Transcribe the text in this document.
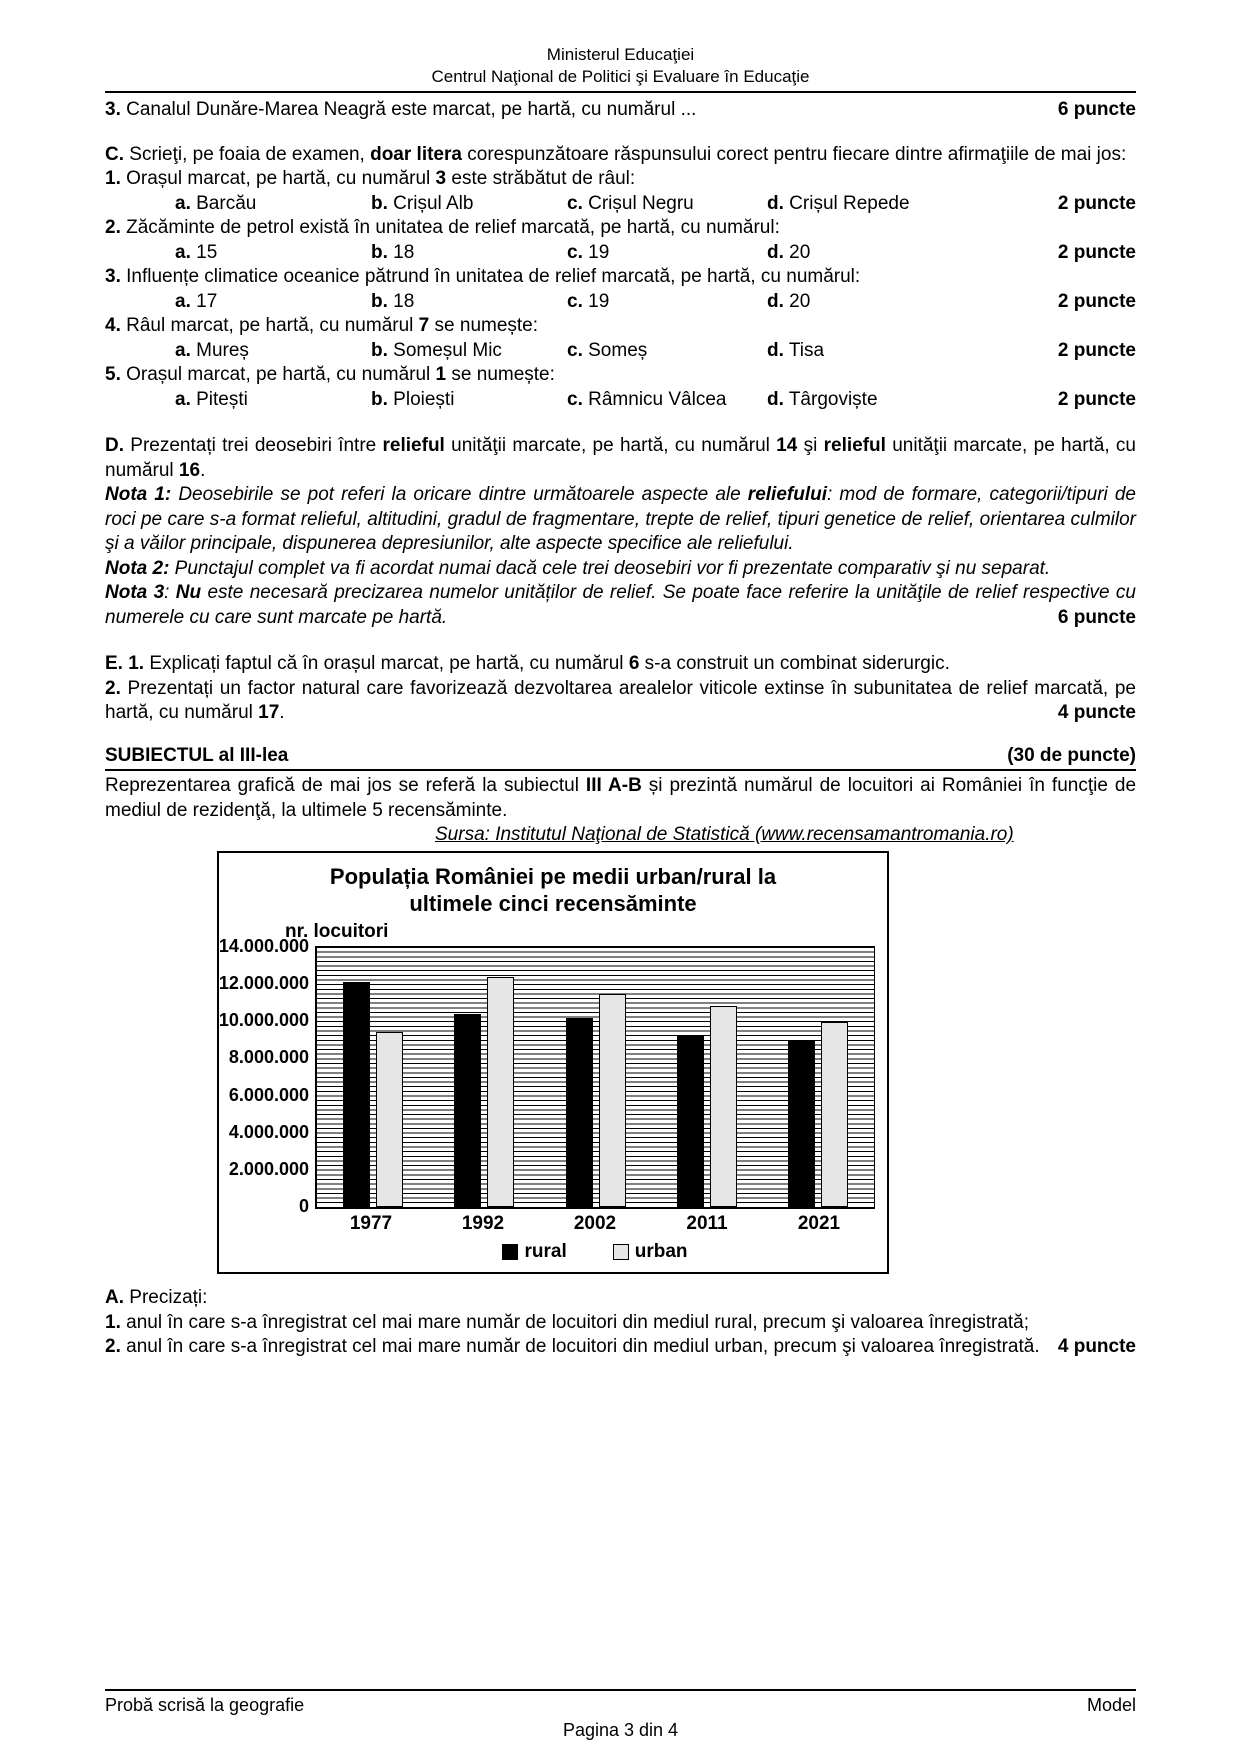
Ministerul Educaţiei
Centrul Naţional de Politici şi Evaluare în Educaţie
3. Canalul Dunăre-Marea Neagră este marcat, pe hartă, cu numărul ...	6 puncte

C. Scrieţi, pe foaia de examen, doar litera corespunzătoare răspunsului corect pentru fiecare dintre afirmaţiile de mai jos:

1. Orașul marcat, pe hartă, cu numărul 3 este străbătut de râul:

a. Barcău	b. Crișul Alb	c. Crișul Negru	d. Crișul Repede	2 puncte

2. Zăcăminte de petrol există în unitatea de relief marcată, pe hartă, cu numărul:

a. 15	b. 18	c. 19	d. 20	2 puncte

3. Influențe climatice oceanice pătrund în unitatea de relief marcată, pe hartă, cu numărul:

a. 17	b. 18	c. 19	d. 20	2 puncte

4. Râul marcat, pe hartă, cu numărul 7 se numește:

a. Mureș	b. Someșul Mic	c. Someș	d. Tisa	2 puncte

5. Orașul marcat, pe hartă, cu numărul 1 se numește:

a. Pitești	b. Ploiești	c. Râmnicu Vâlcea	d. Târgoviște	2 puncte

D. Prezentați trei deosebiri între relieful unităţii marcate, pe hartă, cu numărul 14 şi relieful unităţii marcate, pe hartă, cu numărul 16.

Nota 1: Deosebirile se pot referi la oricare dintre următoarele aspecte ale reliefului: mod de formare, categorii/tipuri de roci pe care s-a format relieful, altitudini, gradul de fragmentare, trepte de relief, tipuri genetice de relief, orientarea culmilor şi a văilor principale, dispunerea depresiunilor, alte aspecte specifice ale reliefului.

Nota 2: Punctajul complet va fi acordat numai dacă cele trei deosebiri vor fi prezentate comparativ şi nu separat.

Nota 3: Nu este necesară precizarea numelor unităților de relief. Se poate face referire la unităţile de relief respective cu numerele cu care sunt marcate pe hartă.	6 puncte

E. 1. Explicați faptul că în orașul marcat, pe hartă, cu numărul 6 s-a construit un combinat siderurgic.

2. Prezentați un factor natural care favorizează dezvoltarea arealelor viticole extinse în subunitatea de relief marcată, pe hartă, cu numărul 17.	4 puncte
SUBIECTUL al III-lea	(30 de puncte)

Reprezentarea grafică de mai jos se referă la subiectul III A-B și prezintă numărul de locuitori ai României în funcţie de mediul de rezidenţă, la ultimele 5 recensăminte.

Sursa: Institutul Naţional de Statistică (www.recensamantromania.ro)

Populația României pe medii urban/rural la
ultimele cinci recensăminte
nr. locuitori
14.000.000
12.000.000
10.000.000
8.000.000
6.000.000
4.000.000
2.000.000
0
1977	1992	2002	2011	2021
rural	urban

A. Precizați:

1. anul în care s-a înregistrat cel mai mare număr de locuitori din mediul rural, precum şi valoarea înregistrată;

2. anul în care s-a înregistrat cel mai mare număr de locuitori din mediul urban, precum şi valoarea înregistrată. 4 puncte
Probă scrisă la geografie	Model
Pagina 3 din 4
